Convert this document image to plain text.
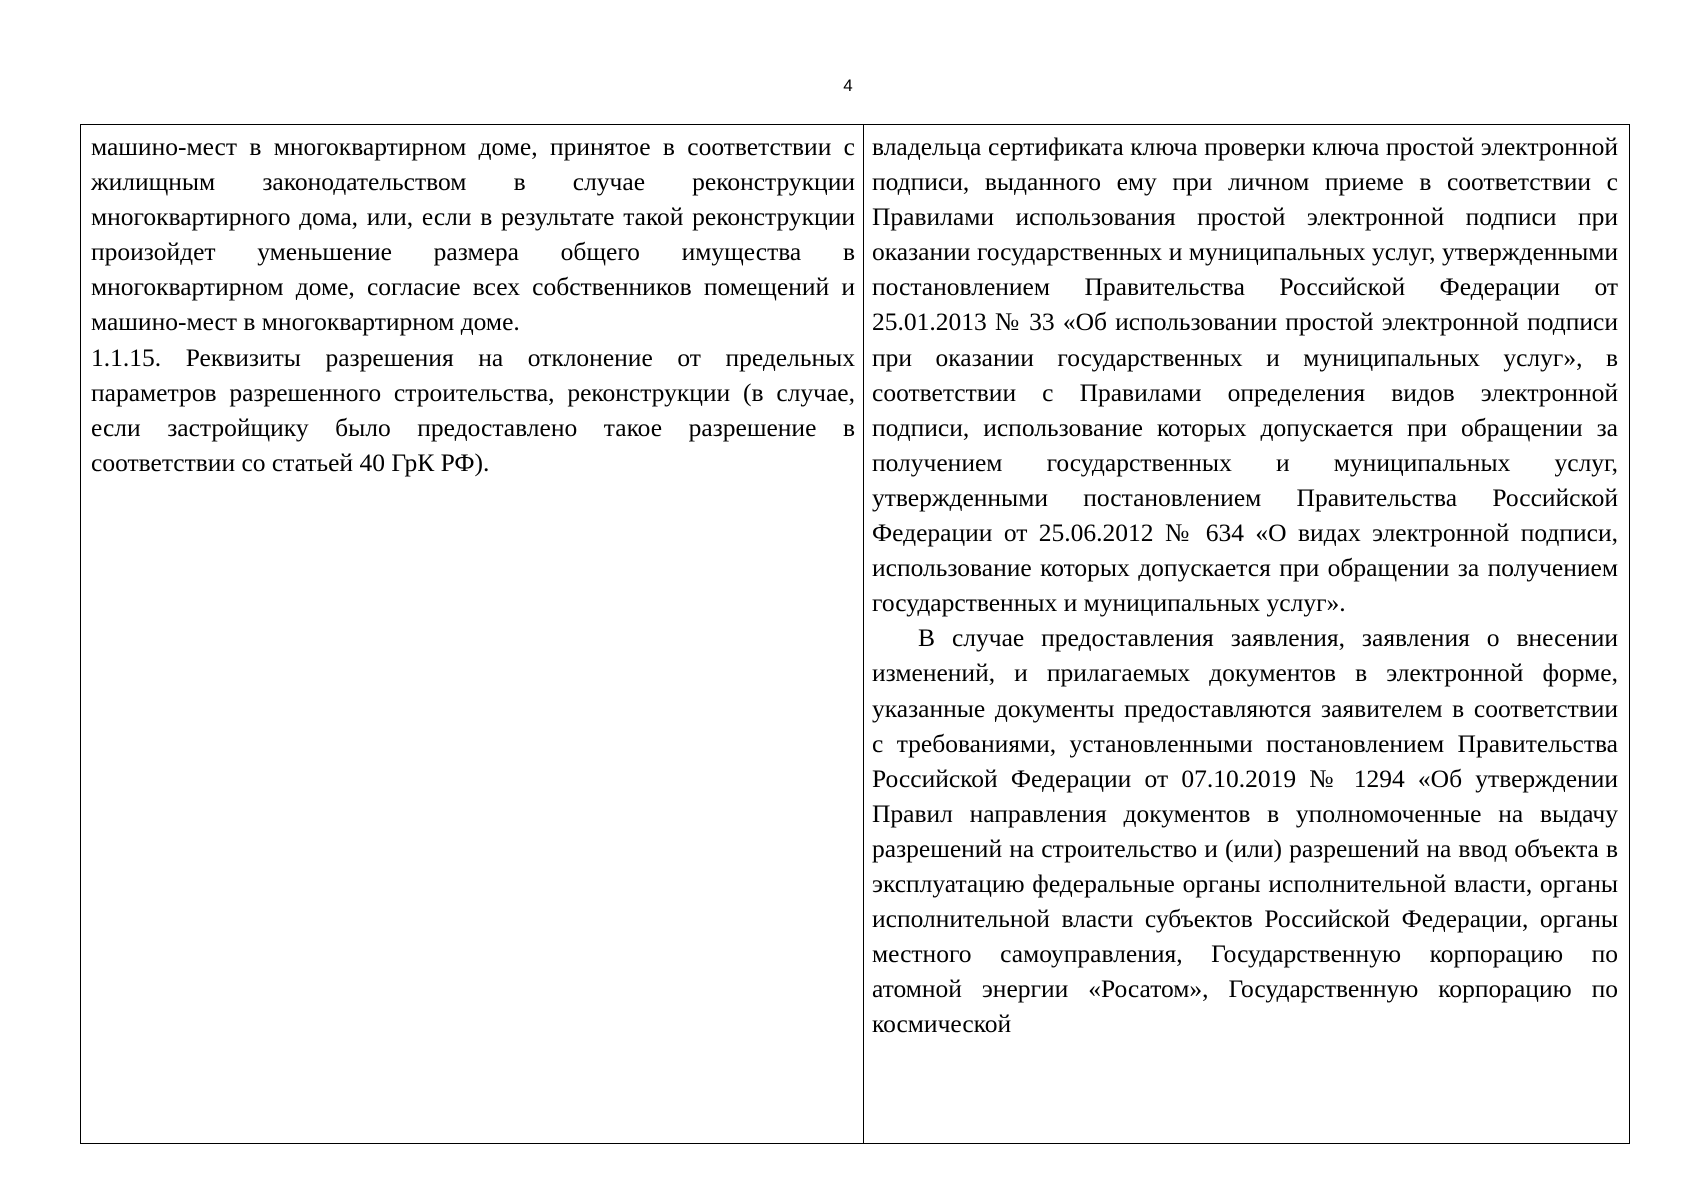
4

машино-мест в многоквартирном доме, принятое в соответствии с жилищным законодательством в случае реконструкции многоквартирного дома, или, если в результате такой реконструкции произойдет уменьшение размера общего имущества в многоквартирном доме, согласие всех собственников помещений и машино-мест в многоквартирном доме.

1.1.15. Реквизиты разрешения на отклонение от предельных параметров разрешенного строительства, реконструкции (в случае, если застройщику было предоставлено такое разрешение в соответствии со статьей 40 ГрК РФ).

владельца сертификата ключа проверки ключа простой электронной подписи, выданного ему при личном приеме в соответствии с Правилами использования простой электронной подписи при оказании государственных и муниципальных услуг, утвержденными постановлением Правительства Российской Федерации от 25.01.2013 № 33 «Об использовании простой электронной подписи при оказании государственных и муниципальных услуг», в соответствии с Правилами определения видов электронной подписи, использование которых допускается при обращении за получением государственных и муниципальных услуг, утвержденными постановлением Правительства Российской Федерации от 25.06.2012 № 634 «О видах электронной подписи, использование которых допускается при обращении за получением государственных и муниципальных услуг».

В случае предоставления заявления, заявления о внесении изменений, и прилагаемых документов в электронной форме, указанные документы предоставляются заявителем в соответствии с требованиями, установленными постановлением Правительства Российской Федерации от 07.10.2019 № 1294 «Об утверждении Правил направления документов в уполномоченные на выдачу разрешений на строительство и (или) разрешений на ввод объекта в эксплуатацию федеральные органы исполнительной власти, органы исполнительной власти субъектов Российской Федерации, органы местного самоуправления, Государственную корпорацию по атомной энергии «Росатом», Государственную корпорацию по космической
